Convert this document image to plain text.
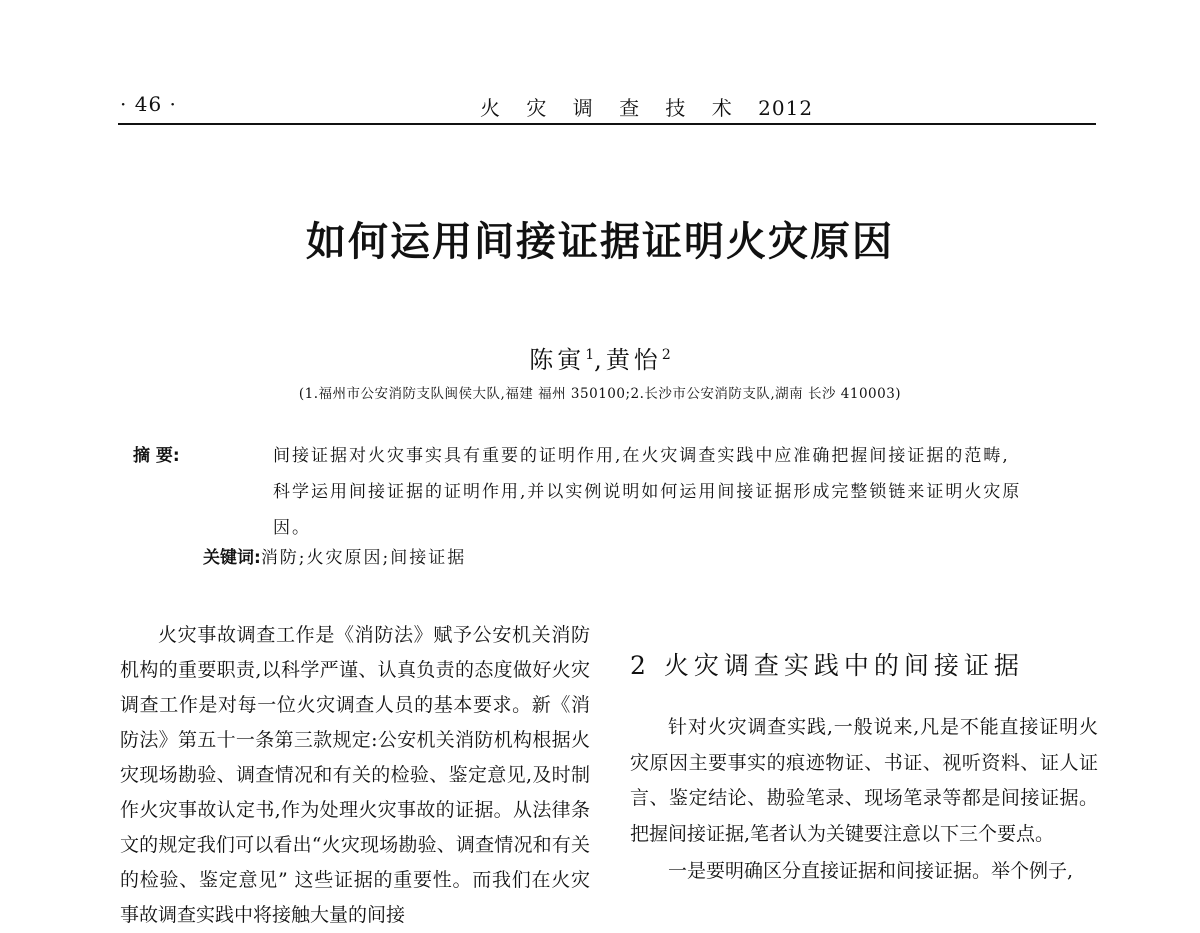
· 46 ·	火 灾 调 查 技 术 2012
如何运用间接证据证明火灾原因
陈寅$^1$,黄怡$^2$
(1.福州市公安消防支队闽侯大队,福建 福州 350100;2.长沙市公安消防支队,湖南 长沙 410003)
摘 要:	间接证据对火灾事实具有重要的证明作用,在火灾调查实践中应准确把握间接证据的范畴,科学运用间接证据的证明作用,并以实例说明如何运用间接证据形成完整锁链来证明火灾原因。
关键词:消防;火灾原因;间接证据
火灾事故调查工作是《消防法》赋予公安机关消防机构的重要职责,以科学严谨、认真负责的态度做好火灾调查工作是对每一位火灾调查人员的基本要求。新《消防法》第五十一条第三款规定:公安机关消防机构根据火灾现场勘验、调查情况和有关的检验、鉴定意见,及时制作火灾事故认定书,作为处理火灾事故的证据。从法律条文的规定我们可以看出“火灾现场勘验、调查情况和有关的检验、鉴定意见” 这些证据的重要性。而我们在火灾事故调查实践中将接触大量的间接
2 火灾调查实践中的间接证据

针对火灾调查实践,一般说来,凡是不能直接证明火灾原因主要事实的痕迹物证、书证、视听资料、证人证言、鉴定结论、勘验笔录、现场笔录等都是间接证据。把握间接证据,笔者认为关键要注意以下三个要点。

一是要明确区分直接证据和间接证据。举个例子,
